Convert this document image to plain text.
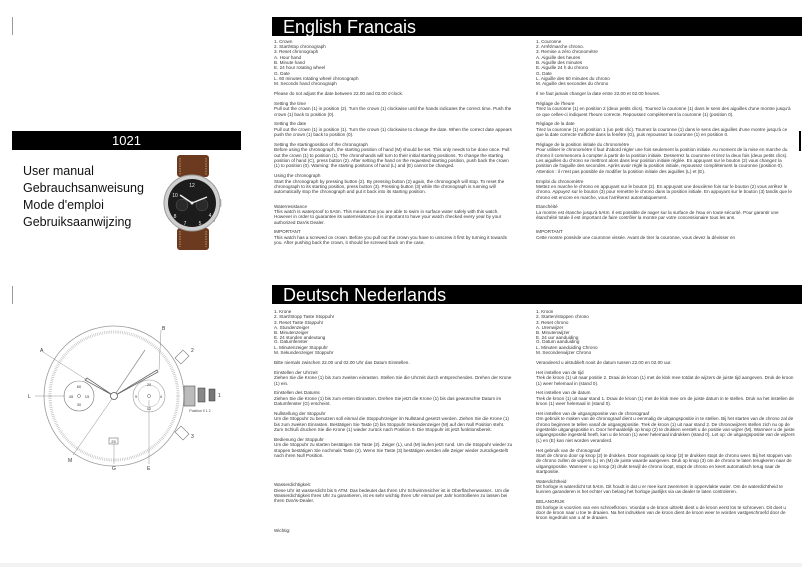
1021
User manual
Gebrauchsanweisung
Mode d'emploi
Gebruiksaanwijzing
12
10
8
7 5
4
60
45	15
30
20
9	4
12
25
Position 0 1 2
A
B
L
M
G	E
1
2
3
English Francais
1. Crown
2. Start/stop chronograph
3. Reset chronograph
A. Hour hand
B. Minute hand
E. 24 hour rotating wheel
G. Date
L. 60 minutes rotating wheel chronograph
M. Seconds hand chronograph

Please do not adjust the date between 22.00 and 02.00 o'clock.

Setting the time
Pull out the crown (1) in position (2). Turn the crown (1) clockwise until the hands indicates the correct time. Push the crown (1) back to position (0).

Setting the date
Pull out the crown (1) in position (1). Turn the crown (1) clockwise to change the date. When the correct date appears push the crown (1) back to position (0).

Setting the startingposition of the chronograph
Before using the chronograph, the starting position of hand (M) should be set. This only needs to be done once. Pull out the crown (1) to position (1). The chronohands will turn to their initial starting positions. To change the starting position of hand (C), press button (2). After setting the hand on the requested starting position, push back the crown (1) to position (0). Warning: the starting positions of hand (L) and (E) cannot be changed.

Using the chronograph
Start the chronograph by pressing button (2). By pressing button (2) again, the chronograph will stop. To reset the chronograph to its starting position, press button (3). Pressing button (3) while the chronograph is running will automatically stop the chronograph and put it back into its starting position.

Waterresistance
This watch is waterproof to 5Atm. This means that you are able to swim in surface water safely with this watch. However in order to guarantee its waterresistance it is important to have your watch checked every year by your authorized DaVis Dealer.

IMPORTANT
This watch has a screwed on crown. Before you pull out the crown you have to unscrew it first by turning it towards you. After pushing back the crown, it should be screwed back on the case.

1. Couronne
2. Arrêt/marche chrono.
3. Remise a zéro chronomètre
A. Aiguille des heures
B. Aiguille des minutes
E. Aiguille 24 h du chrono
G. Date
L. Aiguille des 60 minutes du chrono
M. Aiguille des secondes du chrono

Il ne faut jamais changer la date entre 22.00 et 02.00 heures.

Réglage de l'heure
Tirez la couronne (1) en position 2 (deux petits clics). Tournez la couronne (1) dans le sens des aiguilles d'une montre jusqu'à ce que celles-ci indiquent l'heure correcte. Repoussez complètement la couronne (1) (position 0).

Réglage de la date
Tirez la couronne (1) en position 1 (un petit clic). Tournez la couronne (1) dans le sens des aiguilles d'une montre jusqu'à ce que la date correcte s'affiche dans la fenêtre (G), puis repoussez la couronne (1) en position 0.

Réglage de la position initiale du chronomètre
Pour utiliser le chronomètre il faut d'abord régler une fois seulement la position initiale. Au moment de la mise en marche du chrono il commencera à compter à partir de la position initiale. Desserrez la couronne et tirez la deux fois (deux petits clics). Les aiguilles du chrono se mettront alors dans leur position initiale réglée. En appuyant sur le bouton (2) vous changez la position de l'aiguille des secondes. Après avoir réglé la position initiale, repoussez complètement la couronne (position 0). Attention : il n'est pas possible de modifier la position initiale des aiguilles (L) et (E).

Emploi du chronomètre
Mettez en marche le chrono en appuyant sur le bouton (2). En appuyant une deuxième fois sur le bouton (2) vous arrêtez le chrono. Appuyez sur le bouton (3) pour remettre le chrono dans la position initiale. En appuyant sur le bouton (3) tandis que le chrono est encore en marche, vous l'arrêterez automatiquement.

Etanchéité
La montre est étanche jusqu'à 5Atm. Il est possible de nager sur la surface de l'eau en toute sécurité. Pour garantir une étanchéité totale il est important de faire contrôler la montre par votre concessionaire tous les ans.

IMPORTANT
Cette montre possède une couronne vissée. Avant de tirer la couronne, vous devez la dévisser en

Deutsch Nederlands
1. Krone
2. Start/Stopp Taste Stoppuhr
3. Reset Taste Stoppuhr
A. Stundenzeiger
B. Minutenzeiger
E. 24 stunden andeutung
G. Datumfenster
L. Minutenzeiger Stoppuhr
M. Sekundenzeiger Stoppuhr

Bitte niemals zwischen 22.00 und 02.00 Uhr das Datum Einstellen.

Einstellen der Uhrzeit
Ziehen Sie die Krone (1) bis zum zweiten einrasten. Stellen Sie die Uhrzeit durch entsprechendes. Drehen der Krone (1) ein.

Einstellen des Datums
Ziehen Sie die Krone (1) bis zum ersten Einrasten. Drehen Sie jetzt die Krone (1) bis das gewünschte Datum im Datumfenster (G) erscheint.

Nullstellung der Stoppuhr
Um die Stoppuhr zu benutzen soll einmal die Stoppuhrzeiger im Nullstand gesetzt werden. Ziehen Sie die Krone (1) bis zum zweiten Einrasten. Bestätigen Sie Taste (2) bis Stoppuhr Sekundenzeiger (M) auf den Null Position steht. Zum Schluß drucken Sie die Krone (1) wieder zurück nach Position 0. Die Stoppuhr ist jetzt funktionsbereit.

Bedienung der Stoppuhr
Um die Stoppuhr zu starten bestätigen Sie Taste (2). Zeiger (L), und (M) laufen jetzt rund. Um die Stoppuhr wieder zu stoppen bestätigen Sie nochmals Taste (2). Wenn Sie Taste (3) bestätigen werden alle Zeiger wieder zurückgestellt nach ihren Null Position.

Wasserdichtigkeit:
Diese Uhr ist wasserdicht bis 5 ATM. Das bedeutet das Ihren Uhr Schwimmsicher ist in Oberflächenwasser.. Um die Wasserdichtigkeit Ihres Uhr zu garantieren, ist es sehr wichtig Ihren Uhr einmal per Jahr kontrollieren zu lassen bei Ihren DaVis-Dealer.

Wichtig:

1. Kroon
2. Starten/stoppen chrono
3. Reset chrono
A. Urenwijzer
B. Minutenwijzer
E. 24 uur aanduiding
G. Datum aanduiding
L. Minuten aanduiding Chrono
M. Secondenwijzer Chrono

Verandeerd u alstublieft nooit de datum tussen 22.00 en 02.00 uur.

Het instellen van de tijd
Trek de kroon (1) uit naar positie 2. Draai de kroon (1) met de klok mee totdat de wijzers de juiste tijd aangeven. Druk de kroon (1) weer helemaal in (stand 0).

Het instellen van de datum
Trek de kroon (1) uit naar stand 1. Draai de kroon (1) met de klok mee om de juiste datum in te stellen. Druk na het instellen de kroon (1) weer helemaal in (stand 0).

Het instellen van de uitgangspositie van de chronograaf
Om gebruik te maken van de chronograaf dient u eenmalig de uitgangspositie in te stellen. Bij het starten van de chrono zal de chrono beginnen te tellen vanaf de uitgangspositie. Trek de kroon (1) uit naar stand 2. De chronowijzers stellen zich nu op de ingestelde uitgangspositie in. Door herhaaldelijk op knop (2) te drukken verstelt u de positie van wijzer (M). Wanneer u de juiste uitgangspositie ingesteld heeft, kan u de kroon (1) weer helemaal indrukken (stand 0). Let op: de uitgangspositie van de wijzers (L) en (E) kan niet worden veranderd.

Het gebruik van de chronograaf
Start de chrono door op knop (2) te drukken. Door nogmaals op knop (2) te drukken stopt de chrono weer. Bij het stoppen van de chrono zullen de wijzers (L) en (M) de juiste waarde aangeven. Druk op knop (3) om de chrono te laten terugkeren naar de uitgangspositie. Wanneer u op knop (3) drukt terwijl de chrono loopt, stopt de chrono en keert automatisch terug naar de startpositie.

Waterdichtheid
Dit horloge is waterdicht tot 5Atm. Dit houdt in dat u er mee kunt zwemmen in oppervlakte water. Om de waterdichtheid te kunnen garanderen is het echter van belang het horloge jaarlijks via uw dealer te laten controleren.

BELANGRIJK
Dit horloge is voorzien van een schroefkroon. Voordat u de kroon uittrekt dient u de kroon eerst los te schroeven. Dit doet u door de kroon naar u toe te draaien. Na het indrukken van de kroon dient de kroon weer te worden vastgeschroefd door de kroon ingedrukt van u af te draaien.
